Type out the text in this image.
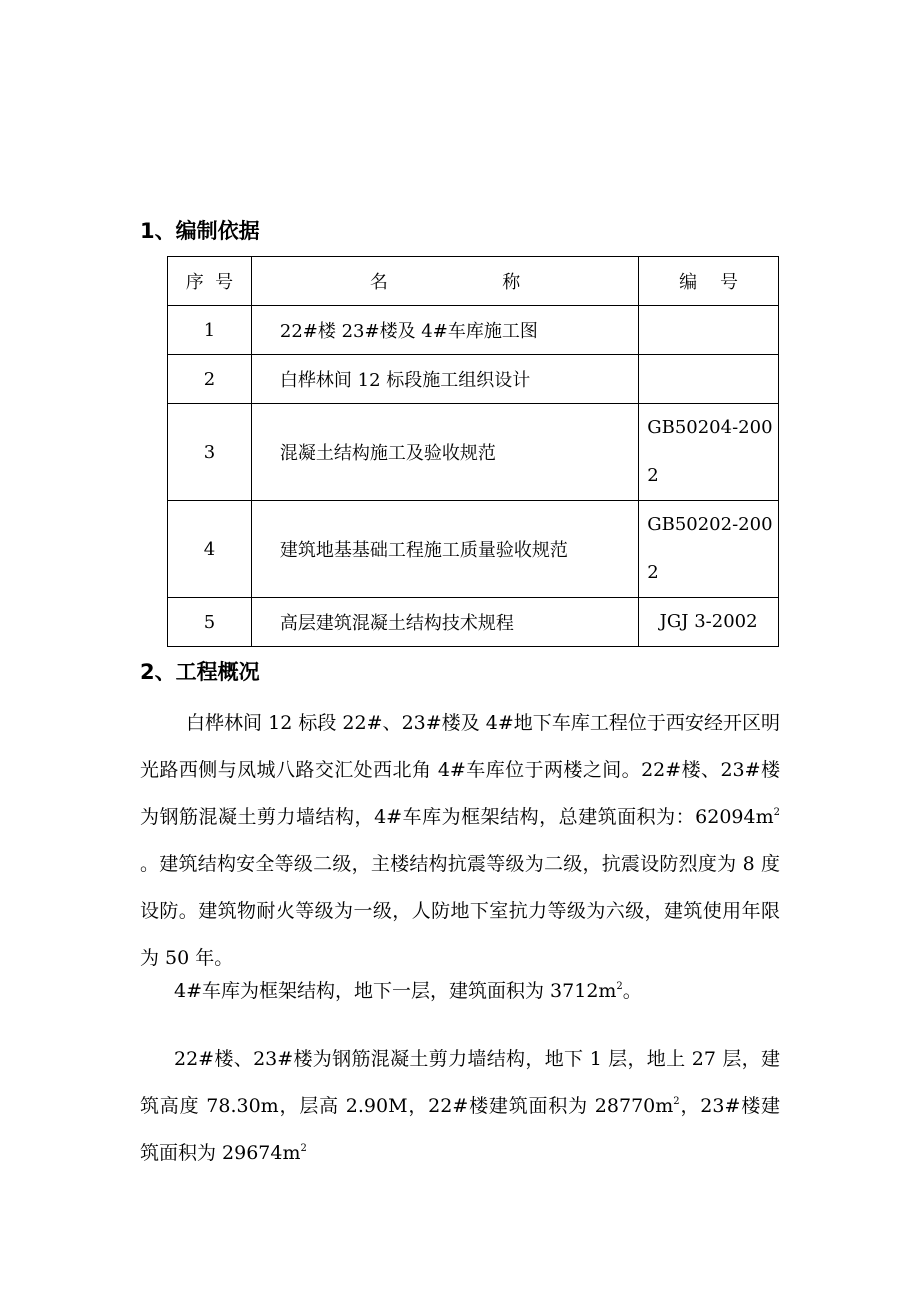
1、编制依据
序  号	名                    称	编    号
1	22#楼 23#楼及 4#车库施工图	
2	白桦林间 12 标段施工组织设计	
3	混凝土结构施工及验收规范	GB50204-2002
4	建筑地基基础工程施工质量验收规范	GB50202-2002
5	高层建筑混凝土结构技术规程	JGJ 3-2002
2、工程概况

白桦林间 12 标段 22#、23#楼及 4#地下车库工程位于西安经开区明光路西侧与凤城八路交汇处西北角 4#车库位于两楼之间。22#楼、23#楼为钢筋混凝土剪力墙结构，4#车库为框架结构，总建筑面积为：$62094m^2$ 。建筑结构安全等级二级，主楼结构抗震等级为二级，抗震设防烈度为 8 度设防。建筑物耐火等级为一级，人防地下室抗力等级为六级，建筑使用年限为 50 年。

4#车库为框架结构，地下一层，建筑面积为 $3712m^2$。

22#楼、23#楼为钢筋混凝土剪力墙结构，地下 1 层，地上 27 层，建筑高度 78.30m，层高 2.90M，22#楼建筑面积为 $28770m^2$，23#楼建筑面积为 $29674m^2$
